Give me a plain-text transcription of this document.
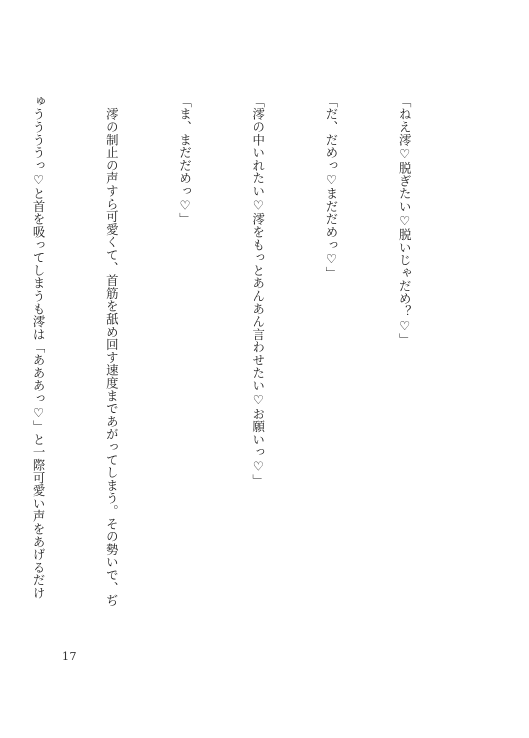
「ねえ澪♡脱ぎたい♡脱いじゃだめ？♡」

「だ、だめっ♡まだだめっ♡」

「澪の中いれたい♡澪をもっとあんあん言わせたい♡お願いっ♡」

「ま、まだだめっ♡」

　澪の制止の声すら可愛くて、首筋を舐め回す速度まであがってしまう。その勢いで、ぢ

ゅううううっ♡と首を吸ってしまうも澪は「あああっ♡」と一際可愛い声をあげるだけ

17
